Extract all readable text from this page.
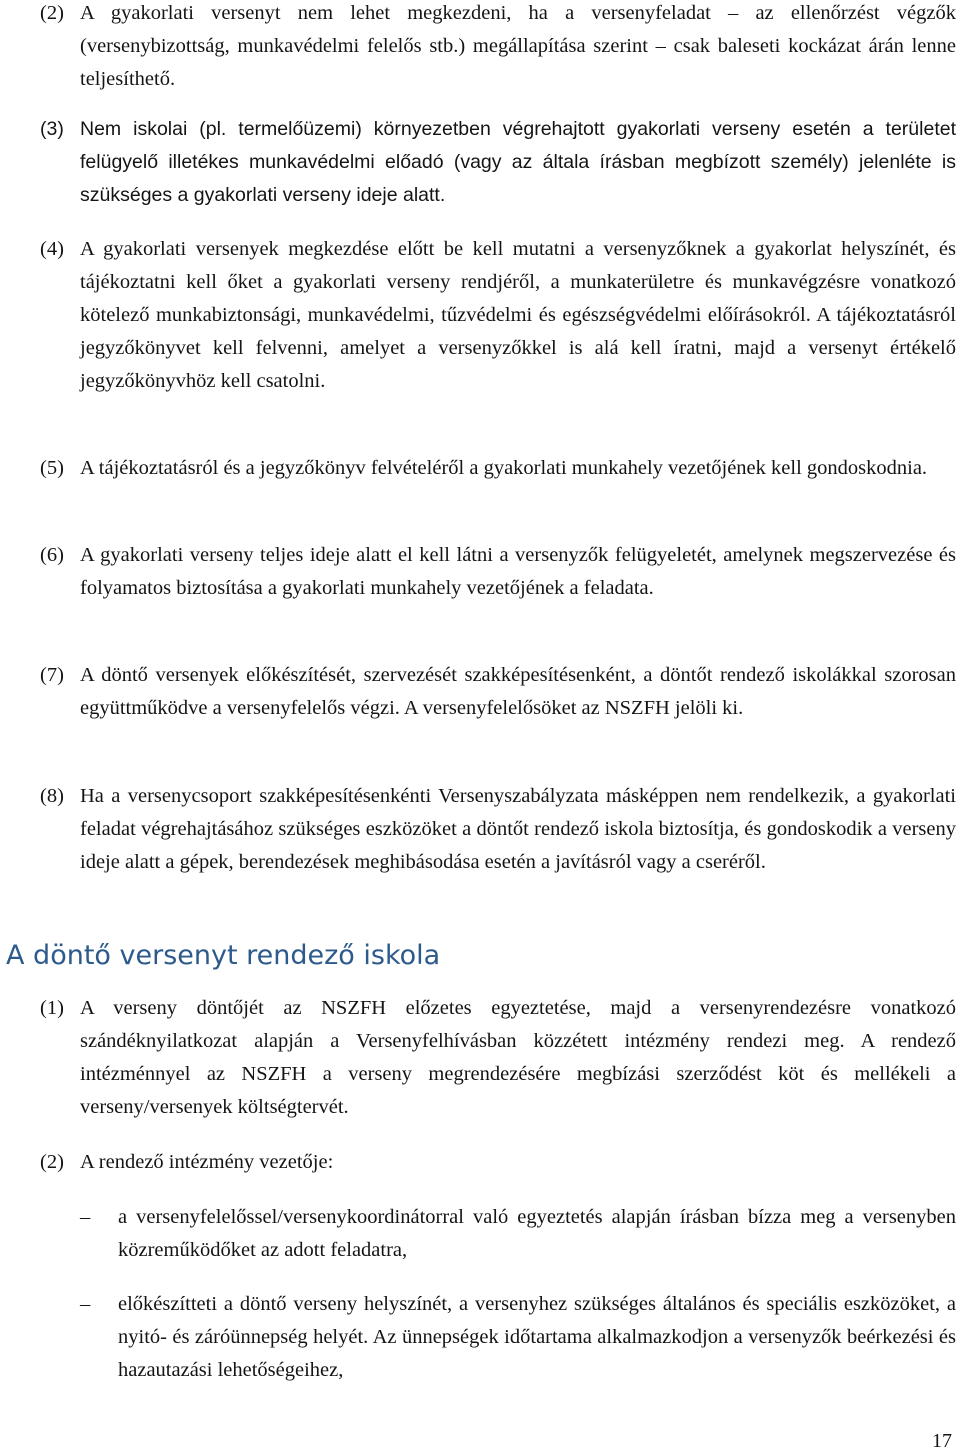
(2) A gyakorlati versenyt nem lehet megkezdeni, ha a versenyfeladat – az ellenőrzést végzők (versenybizottság, munkavédelmi felelős stb.) megállapítása szerint – csak baleseti kockázat árán lenne teljesíthető.
(3) Nem iskolai (pl. termelőüzemi) környezetben végrehajtott gyakorlati verseny esetén a területet felügyelő illetékes munkavédelmi előadó (vagy az általa írásban megbízott személy) jelenléte is szükséges a gyakorlati verseny ideje alatt.
(4) A gyakorlati versenyek megkezdése előtt be kell mutatni a versenyzőknek a gyakorlat helyszínét, és tájékoztatni kell őket a gyakorlati verseny rendjéről, a munkaterületre és munkavégzésre vonatkozó kötelező munkabiztonsági, munkavédelmi, tűzvédelmi és egészségvédelmi előírásokról. A tájékoztatásról jegyzőkönyvet kell felvenni, amelyet a versenyzőkkel is alá kell íratni, majd a versenyt értékelő jegyzőkönyvhöz kell csatolni.
(5) A tájékoztatásról és a jegyzőkönyv felvételéről a gyakorlati munkahely vezetőjének kell gondoskodnia.
(6) A gyakorlati verseny teljes ideje alatt el kell látni a versenyzők felügyeletét, amelynek megszervezése és folyamatos biztosítása a gyakorlati munkahely vezetőjének a feladata.
(7) A döntő versenyek előkészítését, szervezését szakképesítésenként, a döntőt rendező iskolákkal szorosan együttműködve a versenyfelelős végzi. A versenyfelelősöket az NSZFH jelöli ki.
(8) Ha a versenycsoport szakképesítésenkénti Versenyszabályzata másképpen nem rendelkezik, a gyakorlati feladat végrehajtásához szükséges eszközöket a döntőt rendező iskola biztosítja, és gondoskodik a verseny ideje alatt a gépek, berendezések meghibásodása esetén a javításról vagy a cseréről.
A döntő versenyt rendező iskola
(1) A verseny döntőjét az NSZFH előzetes egyeztetése, majd a versenyrendezésre vonatkozó szándéknyilatkozat alapján a Versenyfelhívásban közzétett intézmény rendezi meg. A rendező intézménnyel az NSZFH a verseny megrendezésére megbízási szerződést köt és mellékeli a verseny/versenyek költségtervét.
(2) A rendező intézmény vezetője:
–	a versenyfelelőssel/versenykoordinátorral való egyeztetés alapján írásban bízza meg a versenyben közreműködőket az adott feladatra,
–	előkészítteti a döntő verseny helyszínét, a versenyhez szükséges általános és speciális eszközöket, a nyitó- és záróünnepség helyét. Az ünnepségek időtartama alkalmazkodjon a versenyzők beérkezési és hazautazási lehetőségeihez,
17
